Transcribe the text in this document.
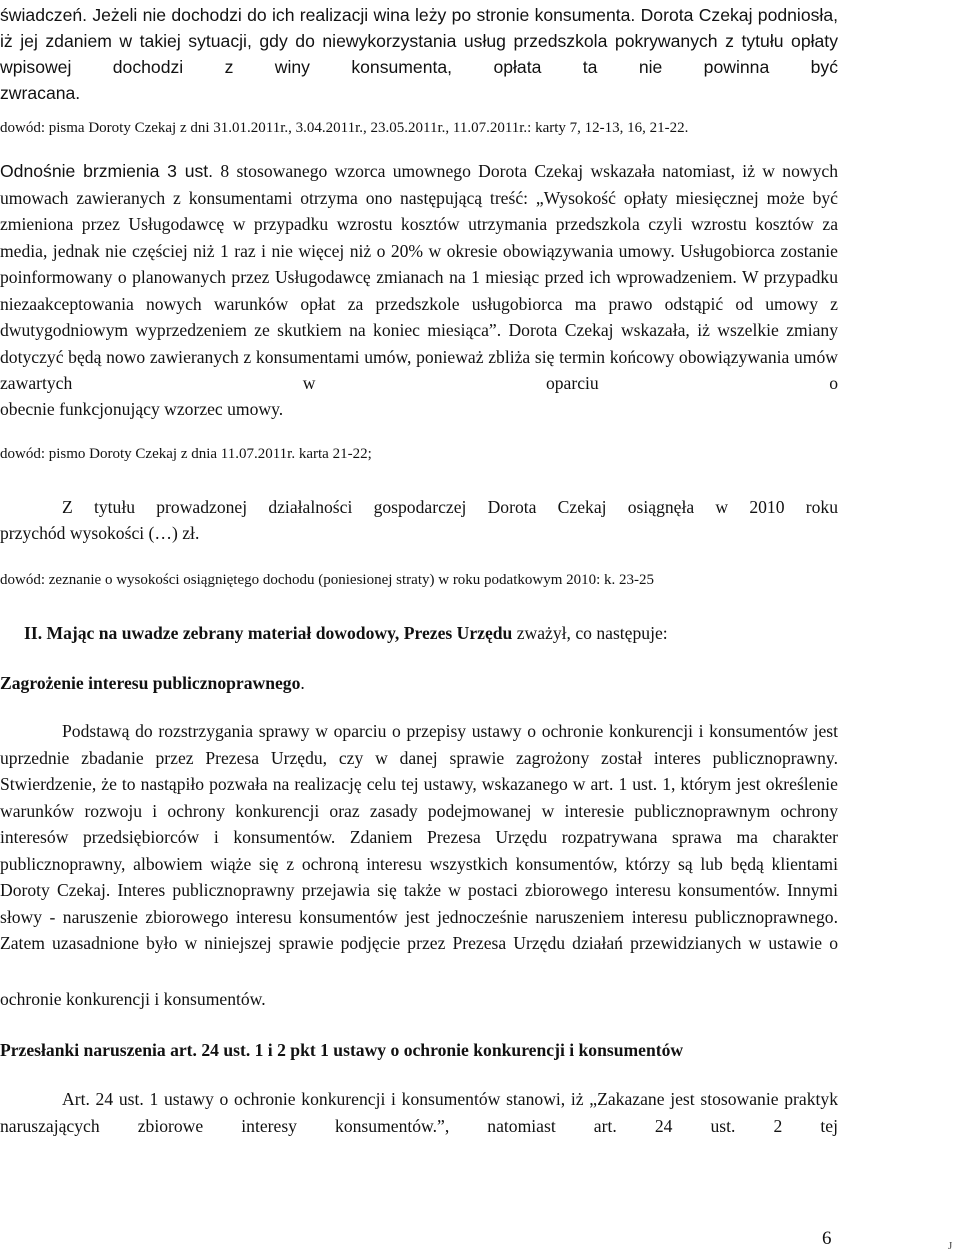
świadczeń. Jeżeli nie dochodzi do ich realizacji wina leży po stronie konsumenta. Dorota Czekaj podniosła, iż jej zdaniem w takiej sytuacji, gdy do niewykorzystania usług przedszkola pokrywanych z tytułu opłaty wpisowej dochodzi z winy konsumenta, opłata ta nie powinna być

zwracana.

dowód: pisma Doroty Czekaj z dni 31.01.2011r., 3.04.2011r., 23.05.2011r., 11.07.2011r.: karty 7, 12-13, 16, 21-22.

Odnośnie brzmienia 3 ust. 8 stosowanego wzorca umownego Dorota Czekaj wskazała natomiast, iż w nowych umowach zawieranych z konsumentami otrzyma ono następującą treść: „Wysokość opłaty miesięcznej może być zmieniona przez Usługodawcę w przypadku wzrostu kosztów utrzymania przedszkola czyli wzrostu kosztów za media, jednak nie częściej niż 1 raz i nie więcej niż o 20% w okresie obowiązywania umowy. Usługobiorca zostanie poinformowany o planowanych przez Usługodawcę zmianach na 1 miesiąc przed ich wprowadzeniem. W przypadku niezaakceptowania nowych warunków opłat za przedszkole usługobiorca ma prawo odstąpić od umowy z dwutygodniowym wyprzedzeniem ze skutkiem na koniec miesiąca”. Dorota Czekaj wskazała, iż wszelkie zmiany dotyczyć będą nowo zawieranych z konsumentami umów, ponieważ zbliża się termin końcowy obowiązywania umów zawartych w oparciu o

obecnie funkcjonujący wzorzec umowy.

dowód: pismo Doroty Czekaj z dnia 11.07.2011r. karta 21-22;

Z tytułu prowadzonej działalności gospodarczej Dorota Czekaj osiągnęła w 2010 roku

przychód wysokości (…) zł.

dowód: zeznanie o wysokości osiągniętego dochodu (poniesionej straty) w roku podatkowym 2010: k. 23-25

II. Mając na uwadze zebrany materiał dowodowy, Prezes Urzędu zważył, co następuje:

Zagrożenie interesu publicznoprawnego.

Podstawą do rozstrzygania sprawy w oparciu o przepisy ustawy o ochronie konkurencji i konsumentów jest uprzednie zbadanie przez Prezesa Urzędu, czy w danej sprawie zagrożony został interes publicznoprawny. Stwierdzenie, że to nastąpiło pozwała na realizację celu tej ustawy, wskazanego w art. 1 ust. 1, którym jest określenie warunków rozwoju i ochrony konkurencji oraz zasady podejmowanej w interesie publicznoprawnym ochrony interesów przedsiębiorców i konsumentów. Zdaniem Prezesa Urzędu rozpatrywana sprawa ma charakter publicznoprawny, albowiem wiąże się z ochroną interesu wszystkich konsumentów, którzy są lub będą klientami Doroty Czekaj. Interes publicznoprawny przejawia się także w postaci zbiorowego interesu konsumentów. Innymi słowy - naruszenie zbiorowego interesu konsumentów jest jednocześnie naruszeniem interesu publicznoprawnego. Zatem uzasadnione było w niniejszej sprawie podjęcie przez Prezesa Urzędu działań przewidzianych w ustawie o

ochronie konkurencji i konsumentów.

Przesłanki naruszenia art. 24 ust. 1 i 2 pkt 1 ustawy o ochronie konkurencji i konsumentów

Art. 24 ust. 1 ustawy o ochronie konkurencji i konsumentów stanowi, iż „Zakazane jest stosowanie praktyk naruszających zbiorowe interesy konsumentów.”, natomiast art. 24 ust. 2 tej

6	J
